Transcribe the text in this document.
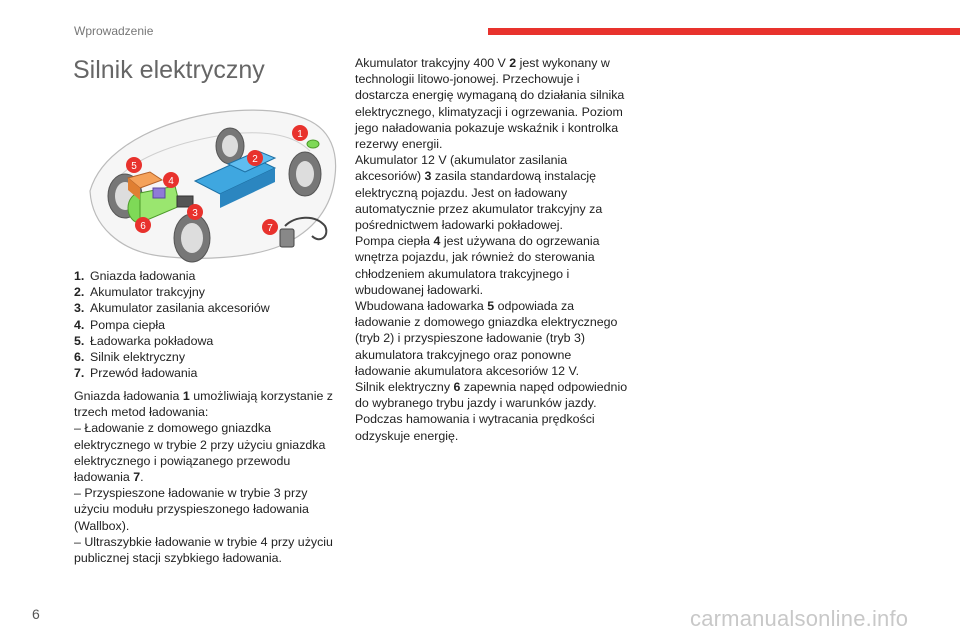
Wprowadzenie
Silnik elektryczny
1
2
3
4
5
6	7
1. Gniazda ładowania
2. Akumulator trakcyjny
3. Akumulator zasilania akcesoriów
4. Pompa ciepła
5. Ładowarka pokładowa
6. Silnik elektryczny
7. Przewód ładowania

Gniazda ładowania 1 umożliwiają korzystanie z trzech metod ładowania:

– Ładowanie z domowego gniazdka elektrycznego w trybie 2 przy użyciu gniazdka elektrycznego i powiązanego przewodu ładowania 7.

– Przyspieszone ładowanie w trybie 3 przy użyciu modułu przyspieszonego ładowania (Wallbox).

– Ultraszybkie ładowanie w trybie 4 przy użyciu publicznej stacji szybkiego ładowania.

Akumulator trakcyjny 400 V 2 jest wykonany w technologii litowo-jonowej. Przechowuje i dostarcza energię wymaganą do działania silnika elektrycznego, klimatyzacji i ogrzewania. Poziom jego naładowania pokazuje wskaźnik i kontrolka rezerwy energii.

Akumulator 12 V (akumulator zasilania akcesoriów) 3 zasila standardową instalację elektryczną pojazdu. Jest on ładowany automatycznie przez akumulator trakcyjny za pośrednictwem ładowarki pokładowej.

Pompa ciepła 4 jest używana do ogrzewania wnętrza pojazdu, jak również do sterowania chłodzeniem akumulatora trakcyjnego i wbudowanej ładowarki.

Wbudowana ładowarka 5 odpowiada za ładowanie z domowego gniazdka elektrycznego (tryb 2) i przyspieszone ładowanie (tryb 3) akumulatora trakcyjnego oraz ponowne ładowanie akumulatora akcesoriów 12 V.

Silnik elektryczny 6 zapewnia napęd odpowiednio do wybranego trybu jazdy i warunków jazdy. Podczas hamowania i wytracania prędkości odzyskuje energię.

6	carmanualsonline.info
